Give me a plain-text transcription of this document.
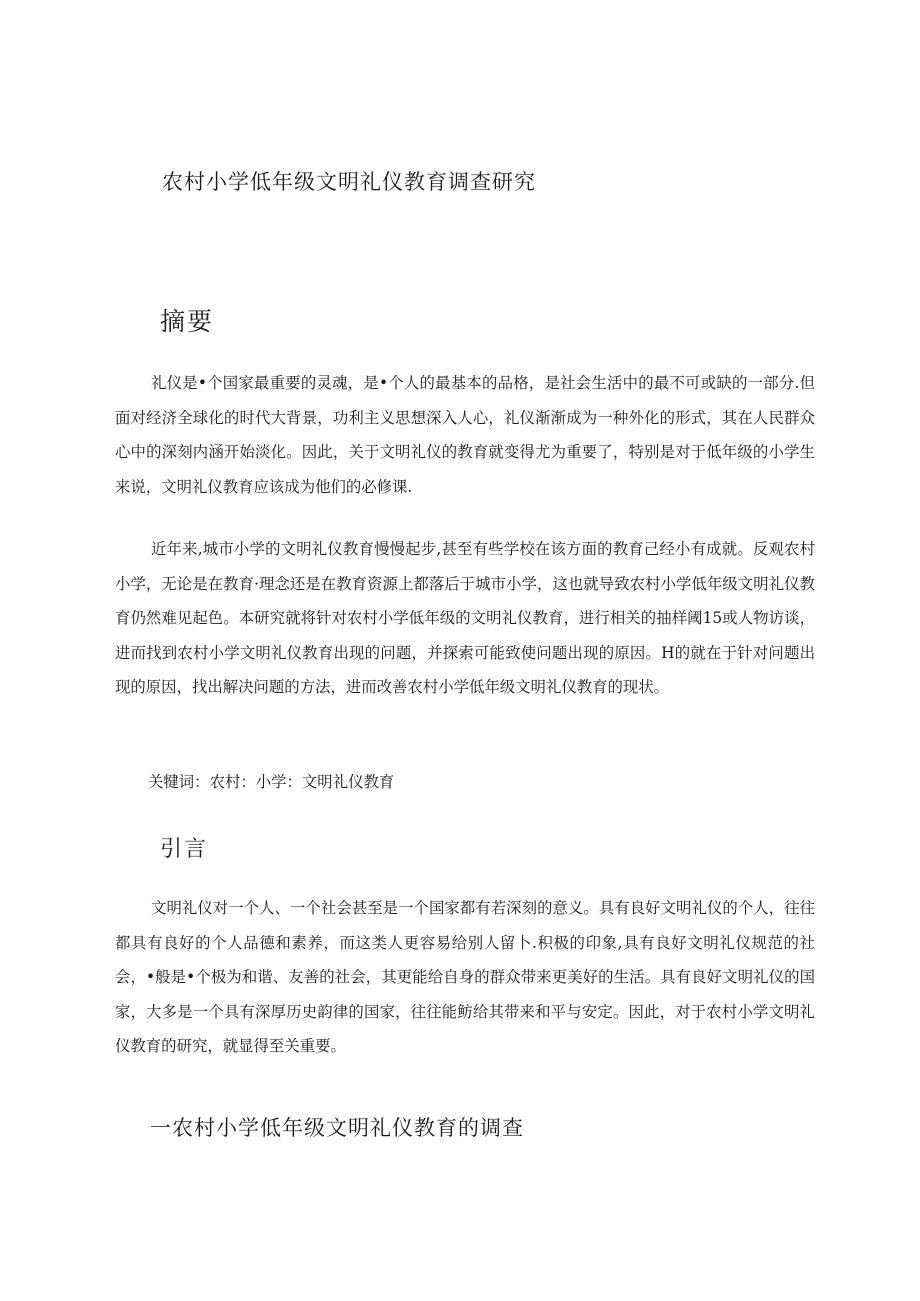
农村小学低年级文明礼仪教育调查研究
摘要

礼仪是•个国家最重要的灵魂，是•个人的最基本的品格，是社会生活中的最不可或缺的一部分.但面对经济全球化的时代大背景，功利主义思想深入人心，礼仪渐渐成为一种外化的形式，其在人民群众心中的深刻内涵开始淡化。因此，关于文明礼仪的教育就变得尤为重要了，特别是对于低年级的小学生来说，文明礼仪教育应该成为他们的必修课.

近年来,城市小学的文明礼仪教育慢慢起步,甚至有些学校在该方面的教育己经小有成就。反观农村小学，无论是在教育·理念还是在教育资源上都落后于城市小学，这也就导致农村小学低年级文明礼仪教育仍然难见起色。本研究就将针对农村小学低年级的文明礼仪教育，进行相关的抽样阈15或人物访谈，进而找到农村小学文明礼仪教育出现的问题，并探索可能致使问题出现的原因。H的就在于针对问题出现的原因，找出解决问题的方法，进而改善农村小学低年级文明礼仪教育的现状。

关犍词：农村：小学：文明礼仪教育

引言

文明礼仪对一个人、一个社会甚至是一个国家都有若深刻的意义。具有良好文明礼仪的个人，往往都具有良好的个人品德和素养，而这类人更容易给别人留卜.积极的印象,具有良好文明礼仪规范的社会，•般是•个极为和谐、友善的社会，其更能给自身的群众带来更美好的生活。具有良好文明礼仪的国家，大多是一个具有深厚历史韵律的国家，往往能鲂给其带来和平与安定。因此，对于农村小学文明礼仪教育的研究，就显得至关重要。

一农村小学低年级文明礼仪教育的调查
